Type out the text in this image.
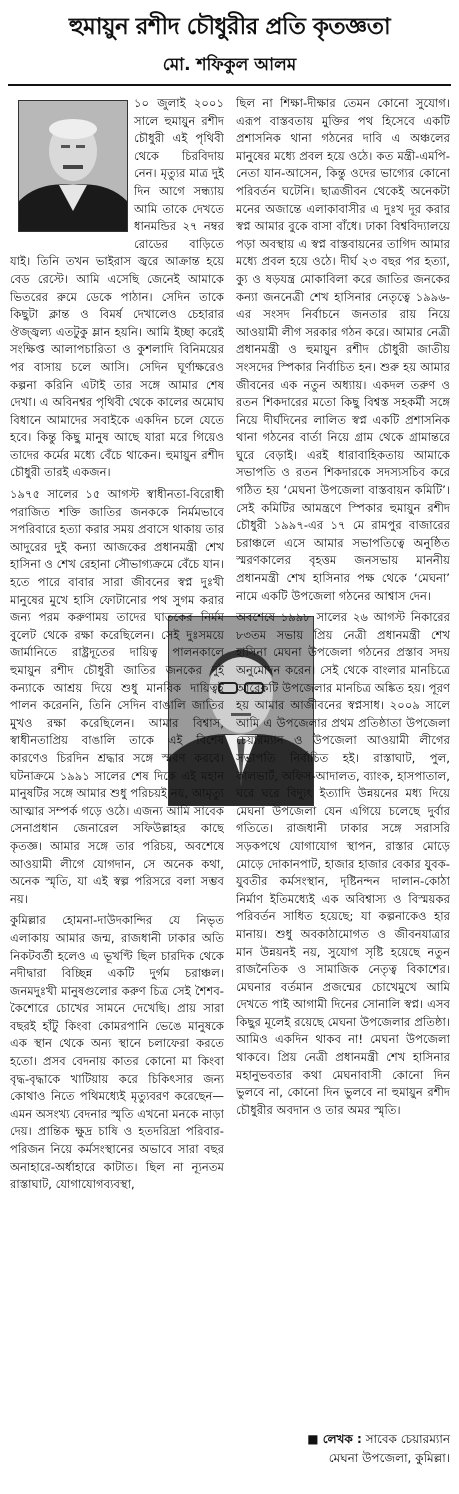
হুমায়ুন রশীদ চৌধুরীর প্রতি কৃতজ্ঞতা
মো. শফিকুল আলম

১০ জুলাই ২০০১ সালে হুমায়ুন রশীদ চৌধুরী এই পৃথিবী থেকে চিরবিদায় নেন। মৃত্যুর মাত্র দুই দিন আগে সন্ধ্যায় আমি তাকে দেখতে ধানমন্ডির ২৭ নম্বর রোডের বাড়িতে যাই। তিনি তখন ভাইরাস জ্বরে আক্রান্ত হয়ে বেড রেস্টে। আমি এসেছি জেনেই আমাকে ভিতরের রুমে ডেকে পাঠান। সেদিন তাকে কিছুটা ক্লান্ত ও বিমর্ষ দেখালেও চেহারার ঔজ্জ্বল্য এতটুকু ম্লান হয়নি। আমি ইচ্ছা করেই সংক্ষিপ্ত আলাপচারিতা ও কুশলাদি বিনিময়ের পর বাসায় চলে আসি। সেদিন ঘূর্ণাক্ষরেও কল্পনা করিনি এটাই তার সঙ্গে আমার শেষ দেখা। এ অবিনশ্বর পৃথিবী থেকে কালের অমোঘ বিধানে আমাদের সবাইকে একদিন চলে যেতে হবে। কিন্তু কিছু মানুষ আছে যারা মরে গিয়েও তাদের কর্মের মধ্যে বেঁচে থাকেন। হুমায়ুন রশীদ চৌধুরী তারই একজন।

১৯৭৫ সালের ১৫ আগস্ট স্বাধীনতা-বিরোধী পরাজিত শক্তি জাতির জনককে নির্মমভাবে সপরিবারে হত্যা করার সময় প্রবাসে থাকায় তার আদুরের দুই কন্যা আজকের প্রধানমন্ত্রী শেখ হাসিনা ও শেখ রেহানা সৌভাগ্যক্রমে বেঁচে যান। হতে পারে বাবার সারা জীবনের স্বপ্ন দুঃখী মানুষের মুখে হাসি ফোটানোর পথ সুগম করার জন্য পরম করুণাময় তাদের ঘাতকের নির্মম বুলেট থেকে রক্ষা করেছিলেন। সেই দুঃসময়ে জার্মানিতে রাষ্ট্রদূতের দায়িত্ব পালনকালে হুমায়ুন রশীদ চৌধুরী জাতির জনকের দুই কন্যাকে আশ্রয় দিয়ে শুধু মানবিক দায়িত্বই পালন করেননি, তিনি সেদিন বাঙালি জাতির মুখও রক্ষা করেছিলেন। আমার বিশ্বাস, স্বাধীনতাপ্রিয় বাঙালি তাকে এই বিশেষ কারণেও চিরদিন শ্রদ্ধার সঙ্গে স্মরণ করবে। ঘটনাক্রমে ১৯৯১ সালের শেষ দিকে এই মহান মানুষটির সঙ্গে আমার শুধু পরিচয়ই নয়, আমৃত্যু আত্মার সম্পর্ক গড়ে ওঠে। এজন্য আমি সাবেক সেনাপ্রধান জেনারেল সফিউল্লাহর কাছে কৃতজ্ঞ। আমার সঙ্গে তার পরিচয়, অবশেষে আওয়ামী লীগে যোগদান, সে অনেক কথা, অনেক স্মৃতি, যা এই স্বল্প পরিসরে বলা সম্ভব নয়।

কুমিল্লার হোমনা-দাউদকান্দির যে নিভৃত এলাকায় আমার জন্ম, রাজধানী ঢাকার অতি নিকটবর্তী হলেও এ ভূখণ্টি ছিল চারদিক থেকে নদীদ্বারা বিচ্ছিন্ন একটি দুর্গম চরাঞ্চল। জনমদুঃখী মানুষগুলোর করুণ চিত্র সেই শৈশব-কৈশোরে চোখের সামনে দেখেছি। প্রায় সারা বছরই হাঁটু কিংবা কোমরপানি ভেঙে মানুষকে এক স্থান থেকে অন্য স্থানে চলাফেরা করতে হতো। প্রসব বেদনায় কাতর কোনো মা কিংবা বৃদ্ধ-বৃদ্ধাকে খাটিয়ায় করে চিকিৎসার জন্য কোথাও নিতে পথিমধ্যেই মৃত্যুবরণ করেছেন— এমন অসংখ্য বেদনার স্মৃতি এখনো মনকে নাড়া দেয়। প্রান্তিক ক্ষুদ্র চাষি ও হতদরিদ্রা পরিবার-পরিজন নিয়ে কর্মসংস্থানের অভাবে সারা বছর অনাহারে-অর্ধাহারে কাটাত। ছিল না ন্যূনতম রাস্তাঘাট, যোগাযোগব্যবস্থা,

ছিল না শিক্ষা-দীক্ষার তেমন কোনো সুযোগ। এরূপ বাস্তবতায় মুক্তির পথ হিসেবে একটি প্রশাসনিক থানা গঠনের দাবি এ অঞ্চলের মানুষের মধ্যে প্রবল হয়ে ওঠে। কত মন্ত্রী-এমপি-নেতা যান-আসেন, কিন্তু ওদের ভাগ্যের কোনো পরিবর্তন ঘটেনি। ছাত্রজীবন থেকেই অনেকটা মনের অজান্তে এলাকাবাসীর এ দুঃখ দূর করার স্বপ্ন আমার বুকে বাসা বাঁধে। ঢাকা বিশ্ববিদ্যালয়ে পড়া অবস্থায় এ স্বপ্ন বাস্তবায়নের তাগিদ আমার মধ্যে প্রবল হয়ে ওঠে। দীর্ঘ ২৩ বছর পর হত্যা, ক্যু ও ষড়যন্ত্র মোকাবিলা করে জাতির জনকের কন্যা জননেত্রী শেখ হাসিনার নেতৃত্বে ১৯৯৬-এর সংসদ নির্বাচনে জনতার রায় নিয়ে আওয়ামী লীগ সরকার গঠন করে। আমার নেত্রী প্রধানমন্ত্রী ও হুমায়ুন রশীদ চৌধুরী জাতীয় সংসদের স্পিকার নির্বাচিত হন। শুরু হয় আমার জীবনের এক নতুন অধ্যায়। একদল তরুণ ও রতন শিকদারের মতো কিছু বিশ্বস্ত সহকর্মী সঙ্গে নিয়ে দীর্ঘদিনের লালিত স্বপ্ন একটি প্রশাসনিক থানা গঠনের বার্তা নিয়ে গ্রাম থেকে গ্রামান্তরে ঘুরে বেড়াই। এরই ধারাবাহিকতায় আমাকে সভাপতি ও রতন শিকদারকে সদস্যসচিব করে গঠিত হয় ‘মেঘনা উপজেলা বাস্তবায়ন কমিটি’। সেই কমিটির আমন্ত্রণে স্পিকার হুমায়ুন রশীদ চৌধুরী ১৯৯৭-এর ১৭ মে রামপুর বাজারের চরাঞ্চলে এসে আমার সভাপতিত্বে অনুষ্ঠিত স্মরণকালের বৃহত্তম জনসভায় মাননীয় প্রধানমন্ত্রী শেখ হাসিনার পক্ষ থেকে ‘মেঘনা’ নামে একটি উপজেলা গঠনের আশ্বাস দেন।

অবশেষে ১৯৯৮ সালের ২৬ আগস্ট নিকারের ৮৩তম সভায় প্রিয় নেত্রী প্রধানমন্ত্রী শেখ হাসিনা মেঘনা উপজেলা গঠনের প্রস্তাব সদয় অনুমোদন করেন। সেই থেকে বাংলার মানচিত্রে আরেকটি উপজেলার মানচিত্র অঙ্কিত হয়। পূরণ হয় আমার আজীবনের স্বপ্নসাধ। ২০০৯ সালে আমি এ উপজেলার প্রথম প্রতিষ্ঠাতা উপজেলা চেয়ারম্যান ও উপজেলা আওয়ামী লীগের সভাপতি নির্বাচিত হই। রাস্তাঘাট, পুল, কালভার্ট, অফিস-আদালত, ব্যাংক, হাসপাতাল, ঘরে ঘরে বিদ্যুৎ ইত্যাদি উন্নয়নের মধ্য দিয়ে মেঘনা উপজেলা যেন এগিয়ে চলেছে দুর্বার গতিতে। রাজধানী ঢাকার সঙ্গে সরাসরি সড়কপথে যোগাযোগ স্থাপন, রাস্তার মোড়ে মোড়ে দোকানপাট, হাজার হাজার বেকার যুবক-যুবতীর কর্মসংস্থান, দৃষ্টিনন্দন দালান-কোঠা নির্মাণ ইতিমধ্যেই এক অবিশ্বাস্য ও বিস্ময়কর পরিবর্তন সাধিত হয়েছে; যা কল্পনাকেও হার মানায়। শুধু অবকাঠামোগত ও জীবনযাত্রার মান উন্নয়নই নয়, সুযোগ সৃষ্টি হয়েছে নতুন রাজনৈতিক ও সামাজিক নেতৃত্ব বিকাশের। মেঘনার বর্তমান প্রজন্মের চোখেমুখে আমি দেখতে পাই আগামী দিনের সোনালি স্বপ্ন। এসব কিছুর মূলেই রয়েছে মেঘনা উপজেলার প্রতিষ্ঠা। আমিও একদিন থাকব না! মেঘনা উপজেলা থাকবে। প্রিয় নেত্রী প্রধানমন্ত্রী শেখ হাসিনার মহানুভবতার কথা মেঘনাবাসী কোনো দিন ভুলবে না, কোনো দিন ভুলবে না হুমায়ুন রশীদ চৌধুরীর অবদান ও তার অমর স্মৃতি।

■ লেখক : সাবেক চেয়ারম্যান
মেঘনা উপজেলা, কুমিল্লা।
